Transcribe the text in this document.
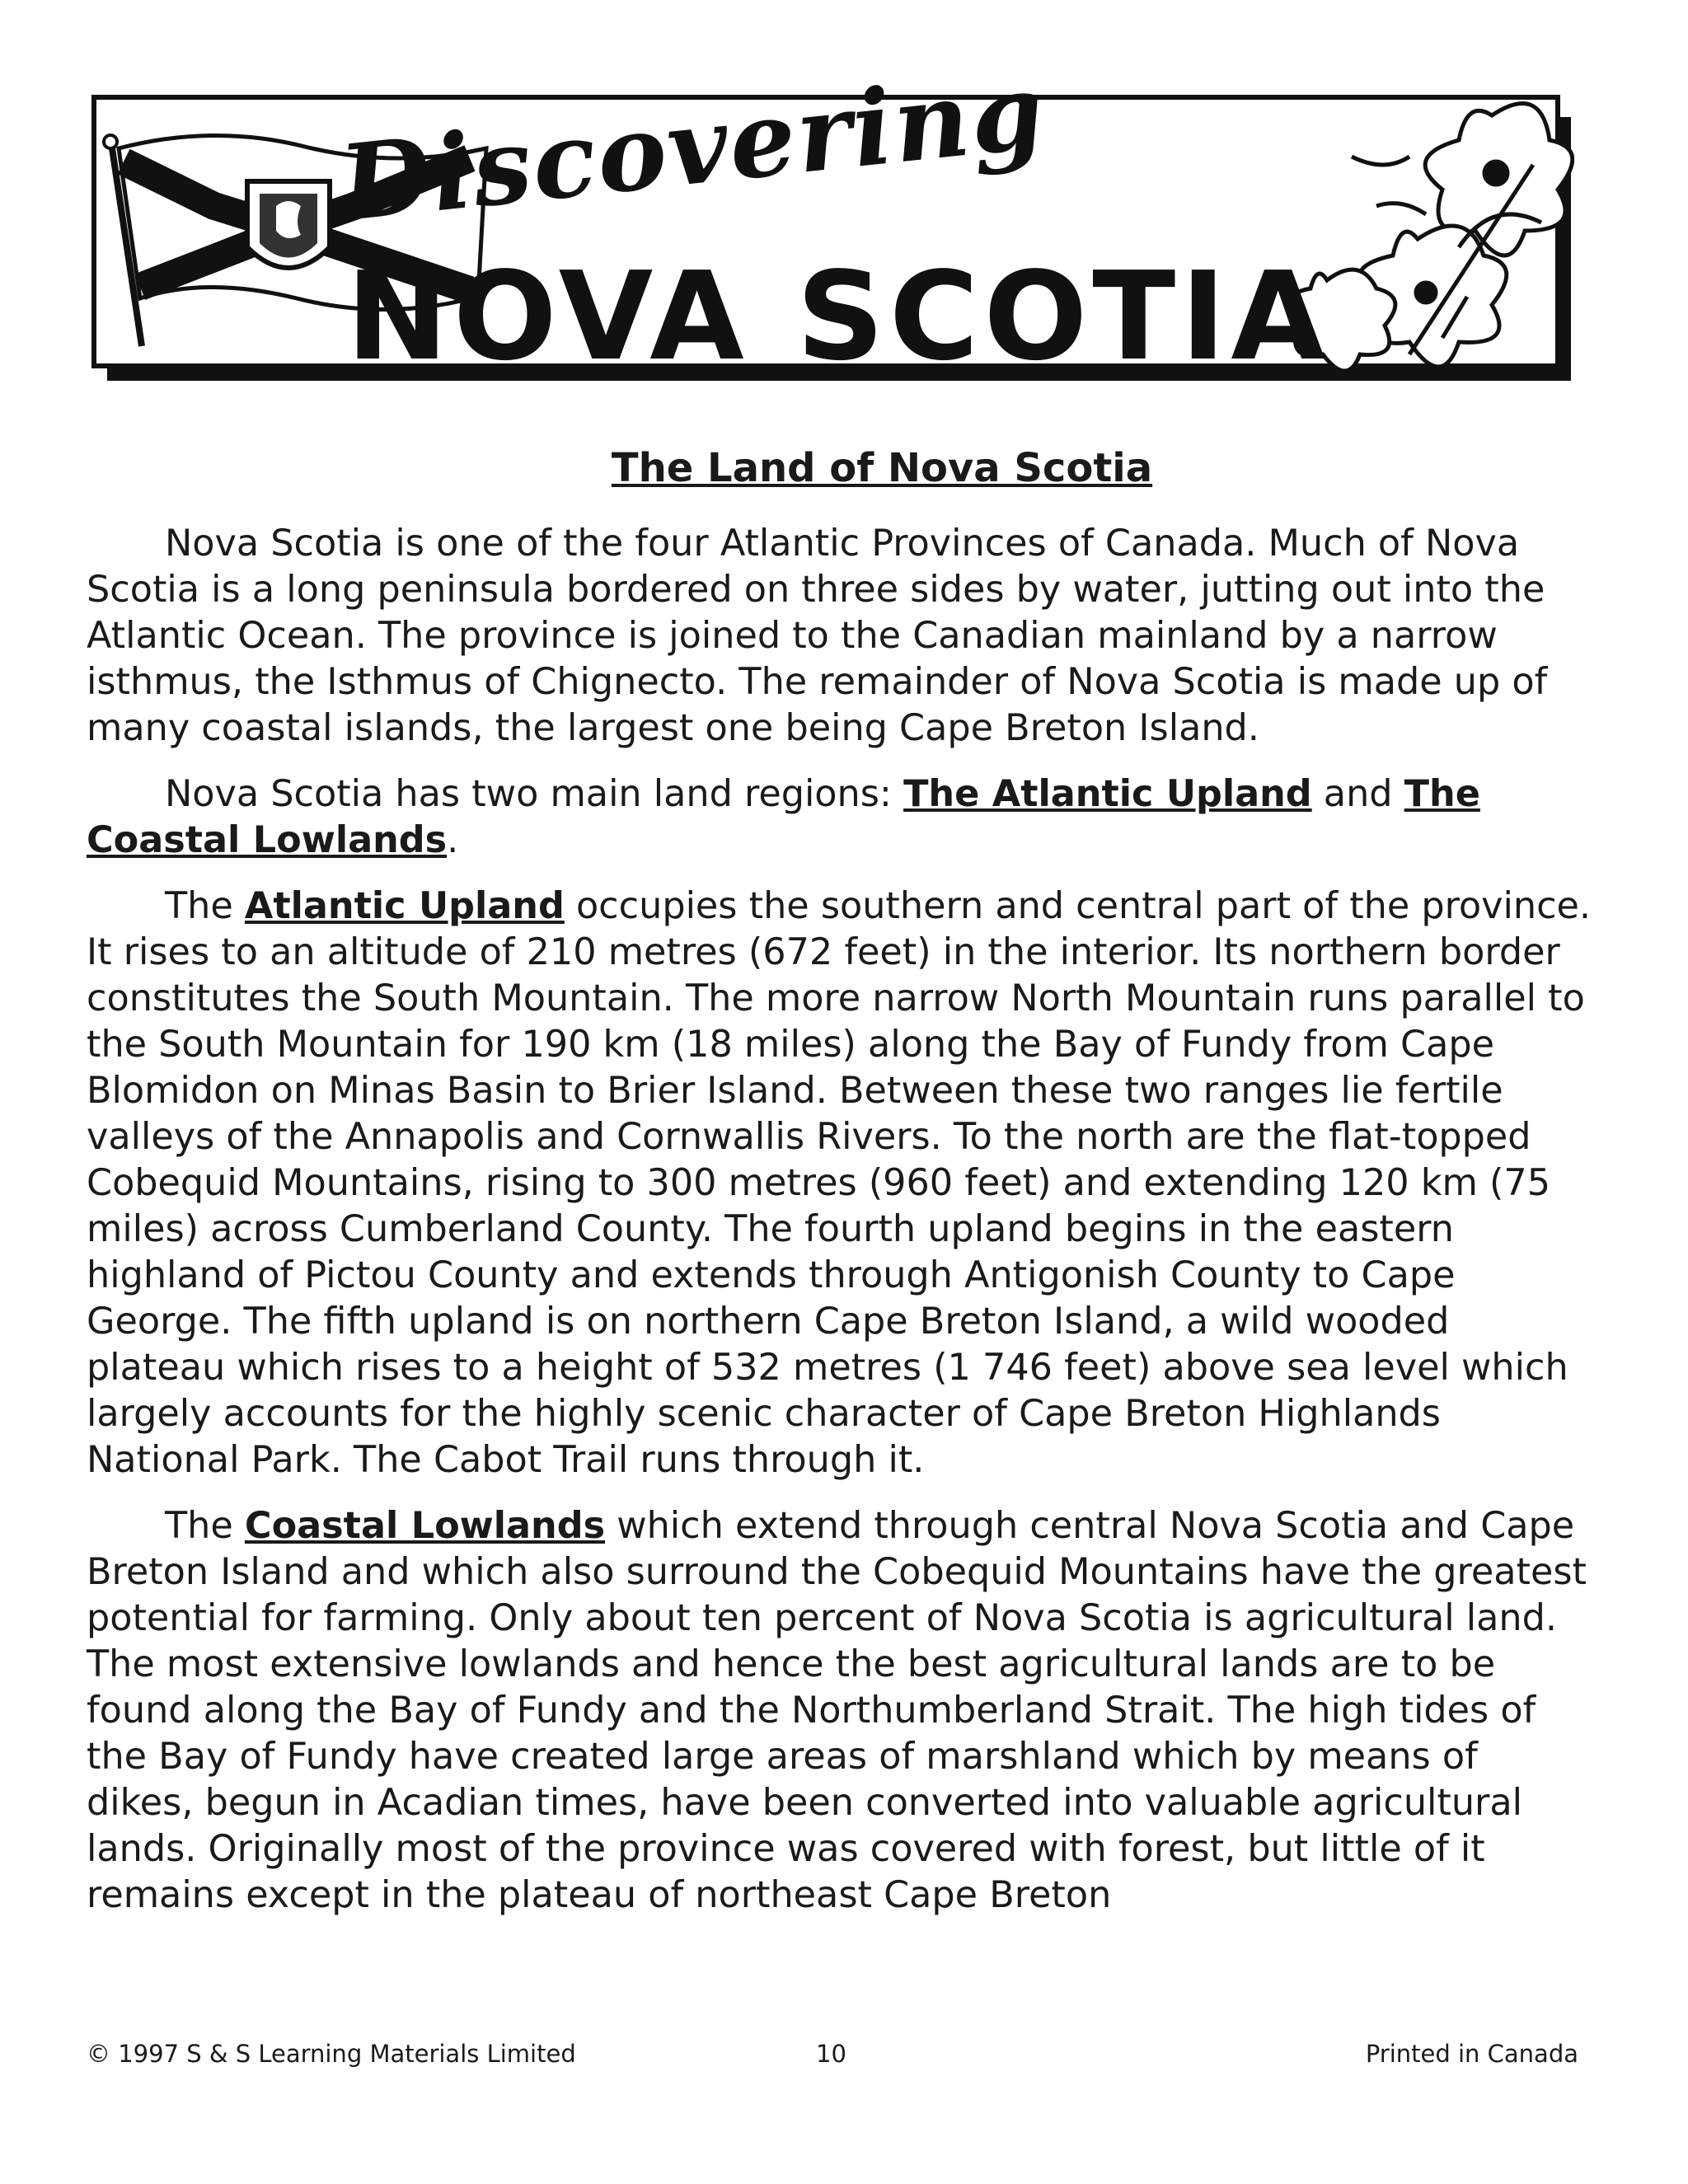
Discovering
NOVA SCOTIA
The Land of Nova Scotia

Nova Scotia is one of the four Atlantic Provinces of Canada. Much of Nova Scotia is a long peninsula bordered on three sides by water, jutting out into the Atlantic Ocean. The province is joined to the Canadian mainland by a narrow isthmus, the Isthmus of Chignecto. The remainder of Nova Scotia is made up of many coastal islands, the largest one being Cape Breton Island.

Nova Scotia has two main land regions: The Atlantic Upland and The Coastal Lowlands.

The Atlantic Upland occupies the southern and central part of the province. It rises to an altitude of 210 metres (672 feet) in the interior. Its northern border constitutes the South Mountain. The more narrow North Mountain runs parallel to the South Mountain for 190 km (18 miles) along the Bay of Fundy from Cape Blomidon on Minas Basin to Brier Island. Between these two ranges lie fertile valleys of the Annapolis and Cornwallis Rivers. To the north are the flat-topped Cobequid Mountains, rising to 300 metres (960 feet) and extending 120 km (75 miles) across Cumberland County. The fourth upland begins in the eastern highland of Pictou County and extends through Antigonish County to Cape George. The fifth upland is on northern Cape Breton Island, a wild wooded plateau which rises to a height of 532 metres (1 746 feet) above sea level which largely accounts for the highly scenic character of Cape Breton Highlands National Park. The Cabot Trail runs through it.

The Coastal Lowlands which extend through central Nova Scotia and Cape Breton Island and which also surround the Cobequid Mountains have the greatest potential for farming. Only about ten percent of Nova Scotia is agricultural land. The most extensive lowlands and hence the best agricultural lands are to be found along the Bay of Fundy and the Northumberland Strait. The high tides of the Bay of Fundy have created large areas of marshland which by means of dikes, begun in Acadian times, have been converted into valuable agricultural lands. Originally most of the province was covered with forest, but little of it remains except in the plateau of northeast Cape Breton

© 1997 S & S Learning Materials Limited	10	Printed in Canada
